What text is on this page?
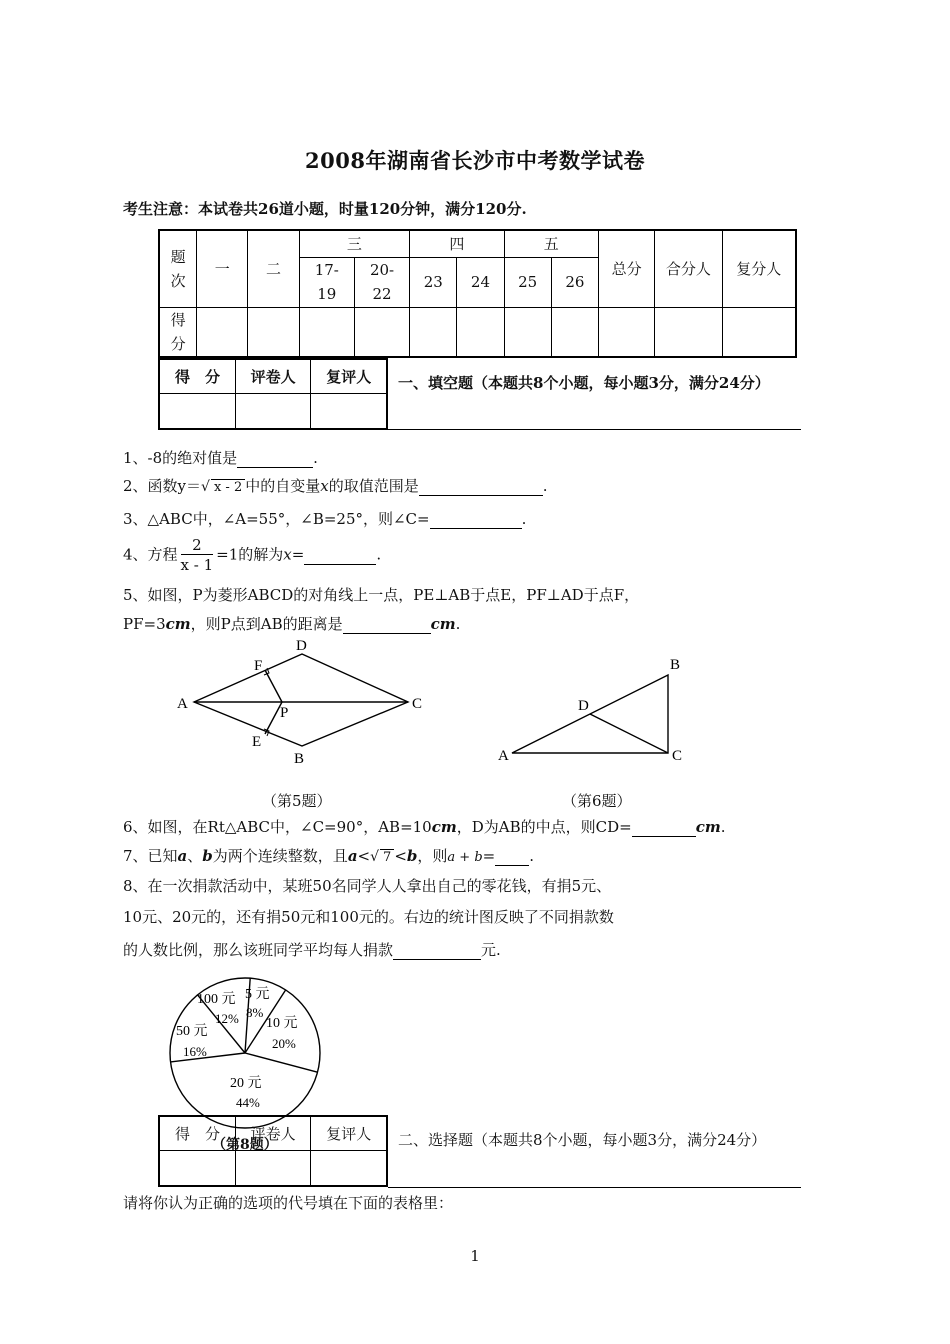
2008年湖南省长沙市中考数学试卷
考生注意：本试卷共26道小题，时量120分钟，满分120分.
题次	一	二	三		四		五		总分	合分人	复分人
			17-19	20-22	23	24	25	26			
得分											
得　分	评卷人	复评人
		一、填空题（本题共8个小题，每小题3分，满分24分）
1、-8的绝对值是	.
2、函数y＝√ x - 2 中的自变量x的取值范围是	.
3、△ABC中，∠A=55°，∠B=25°，则∠C=	.
4、方程 $\frac{2}{x - 1} =1$的解为x=	.
5、如图，P为菱形ABCD的对角线上一点，PE⊥AB于点E，PF⊥AD于点F，
PF=3cm，则P点到AB的距离是	cm.
A
D
C
B
F
E
P
A
B
C
D
（第5题）	（第6题）
6、如图，在Rt△ABC中，∠C=90°，AB=10cm，D为AB的中点，则CD=	cm.
7、已知a、b为两个连续整数，且a<√ 7 <b，则a + b= .
8、在一次捐款活动中，某班50名同学人人拿出自己的零花钱，有捐5元、
10元、20元的，还有捐50元和100元的。右边的统计图反映了不同捐款数
的人数比例，那么该班同学平均每人捐款	元.
5 元
8%
10 元
20%
20 元
44%
50 元
16%
100 元
12%
得　分	评卷人	复评人

（第8题）	二、选择题（本题共8个小题，每小题3分，满分24分）
请将你认为正确的选项的代号填在下面的表格里：
1
